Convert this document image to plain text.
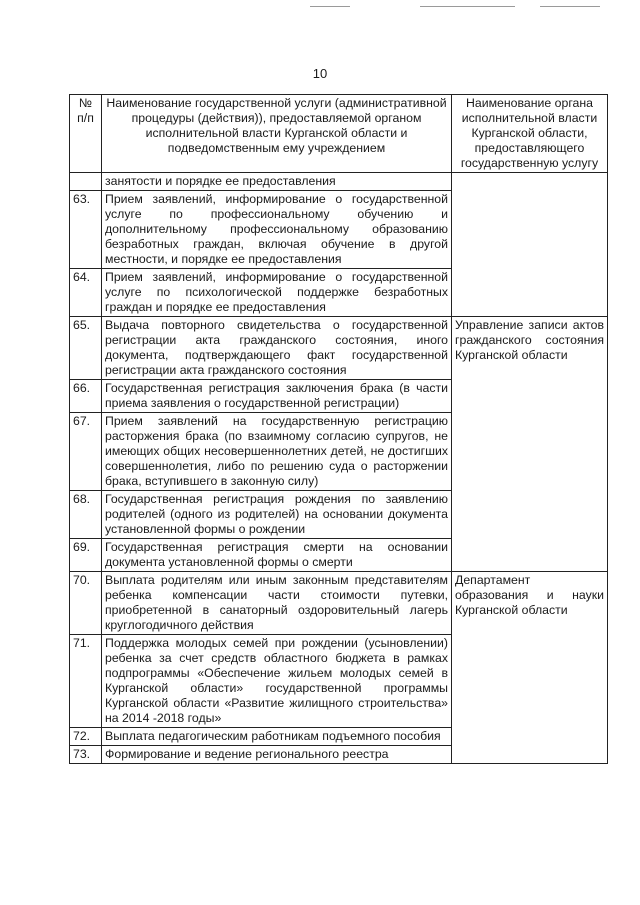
10
№ п/п	Наименование государственной услуги (административной процедуры (действия)), предоставляемой органом исполнительной власти Курганской области и подведомственным ему учреждением	Наименование органа исполнительной власти Курганской области, предоставляющего государственную услугу
	занятости и порядке ее предоставления	
63.	Прием заявлений, информирование о государственной услуге по профессиональному обучению и дополнительному профессиональному образованию безработных граждан, включая обучение в другой местности, и порядке ее предоставления	
64.	Прием заявлений, информирование о государственной услуге по психологической поддержке безработных граждан и порядке ее предоставления	
65.	Выдача повторного свидетельства о государственной регистрации акта гражданского состояния, иного документа, подтверждающего факт государственной регистрации акта гражданского состояния	Управление записи актов гражданского состояния Курганской области
66.	Государственная регистрация заключения брака (в части приема заявления о государственной регистрации)	
67.	Прием заявлений на государственную регистрацию расторжения брака (по взаимному согласию супругов, не имеющих общих несовершеннолетних детей, не достигших совершеннолетия, либо по решению суда о расторжении брака, вступившего в законную силу)	
68.	Государственная регистрация рождения по заявлению родителей (одного из родителей) на основании документа установленной формы о рождении	
69.	Государственная регистрация смерти на основании документа установленной формы о смерти	
70.	Выплата родителям или иным законным представителям ребенка компенсации части стоимости путевки, приобретенной в санаторный оздоровительный лагерь круглогодичного действия	Департамент образования и науки Курганской области
71.	Поддержка молодых семей при рождении (усыновлении) ребенка за счет средств областного бюджета в рамках подпрограммы «Обеспечение жильем молодых семей в Курганской области» государственной программы Курганской области «Развитие жилищного строительства» на 2014 -2018 годы»	
72.	Выплата педагогическим работникам подъемного пособия	
73.	Формирование и ведение регионального реестра	
